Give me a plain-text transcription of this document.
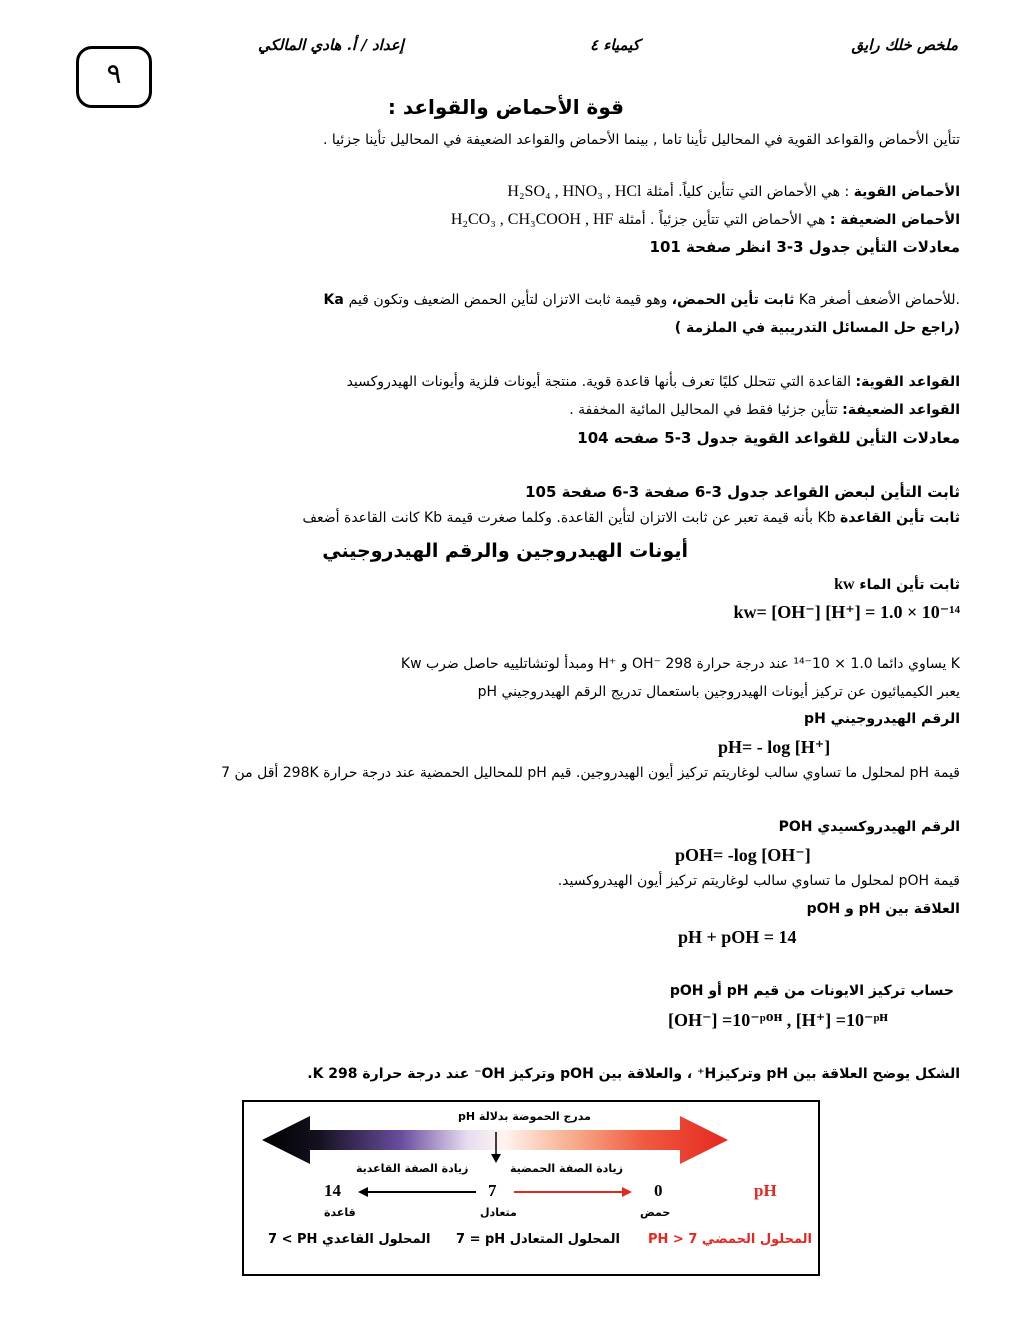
ملخص خلك رايق
كيمياء ٤
إعداد / أ. هادي المالكي
٩
قوة الأحماض والقواعد :
تتأين الأحماض والقواعد القوية في المحاليل تأينا تاما , بينما الأحماض والقواعد الضعيفة في المحاليل تأينا جزئيا .
الأحماض القوية : هي الأحماض التي تتأين كلياً. أمثلة H₂SO₄ , HNO₃ , HCl
الأحماض الضعيفة : هي الأحماض التي تتأين جزئياً . أمثلة H₂CO₃ , CH₃COOH , HF
معادلات التأين جدول 3-3 انظر صفحة 101
Ka ثابت تأين الحمض، وهو قيمة ثابت الاتزان لتأين الحمض الضعيف وتكون قيم Ka للأحماض الأضعف أصغر.
(راجع حل المسائل التدريبية في الملزمة )
القواعد القوية: القاعدة التي تتحلل كليًا تعرف بأنها قاعدة قوية. منتجة أيونات فلزية وأيونات الهيدروكسيد
القواعد الضعيفة: تتأين جزئيا فقط في المحاليل المائية المخففة .
معادلات التأين للقواعد القوية جدول 3-5 صفحه 104
ثابت التأين لبعض القواعد جدول 3-6 صفحة 3-6 صفحة 105
ثابت تأين القاعدة Kb بأنه قيمة تعبر عن ثابت الاتزان لتأين القاعدة. وكلما صغرت قيمة Kb كانت القاعدة أضعف
أيونات الهيدروجين والرقم الهيدروجيني
ثابت تأين الماء kw
kw= [OH⁻] [H⁺] = 1.0 × 10⁻¹⁴
Kw ومبدأ لوتشاتلييه حاصل ضرب H⁺ و OH⁻ يساوي دائما 1.0 × 10⁻¹⁴ عند درجة حرارة 298 K
يعبر الكيميائيون عن تركيز أيونات الهيدروجين باستعمال تدريج الرقم الهيدروجيني pH
الرقم الهيدروجيني pH
pH= - log [H⁺]
قيمة pH لمحلول ما تساوي سالب لوغاريتم تركيز أيون الهيدروجين. قيم pH للمحاليل الحمضية عند درجة حرارة 298K أقل من 7
الرقم الهيدروكسيدي POH
pOH= -log [OH⁻]
قيمة pOH لمحلول ما تساوي سالب لوغاريتم تركيز أيون الهيدروكسيد.
العلاقة بين pH و pOH
pH + pOH = 14
حساب تركيز الايونات من قيم pH أو pOH
[OH⁻] =10⁻ᵖᴼᴴ , [H⁺] =10⁻ᵖᴴ
الشكل يوضح العلاقة بين pH وتركيزH⁺ ، والعلاقة بين pOH وتركيز OH⁻ عند درجة حرارة 298 K.
مدرج الحموضة بدلالة pH
زيادة الصفة القاعدية	زيادة الصفة الحمضية
14	7	0	pH
قاعدة	متعادل	حمض
7 < PH المحلول القاعدي 7 = pH المحلول المتعادل المحلول الحمضي PH > 7
